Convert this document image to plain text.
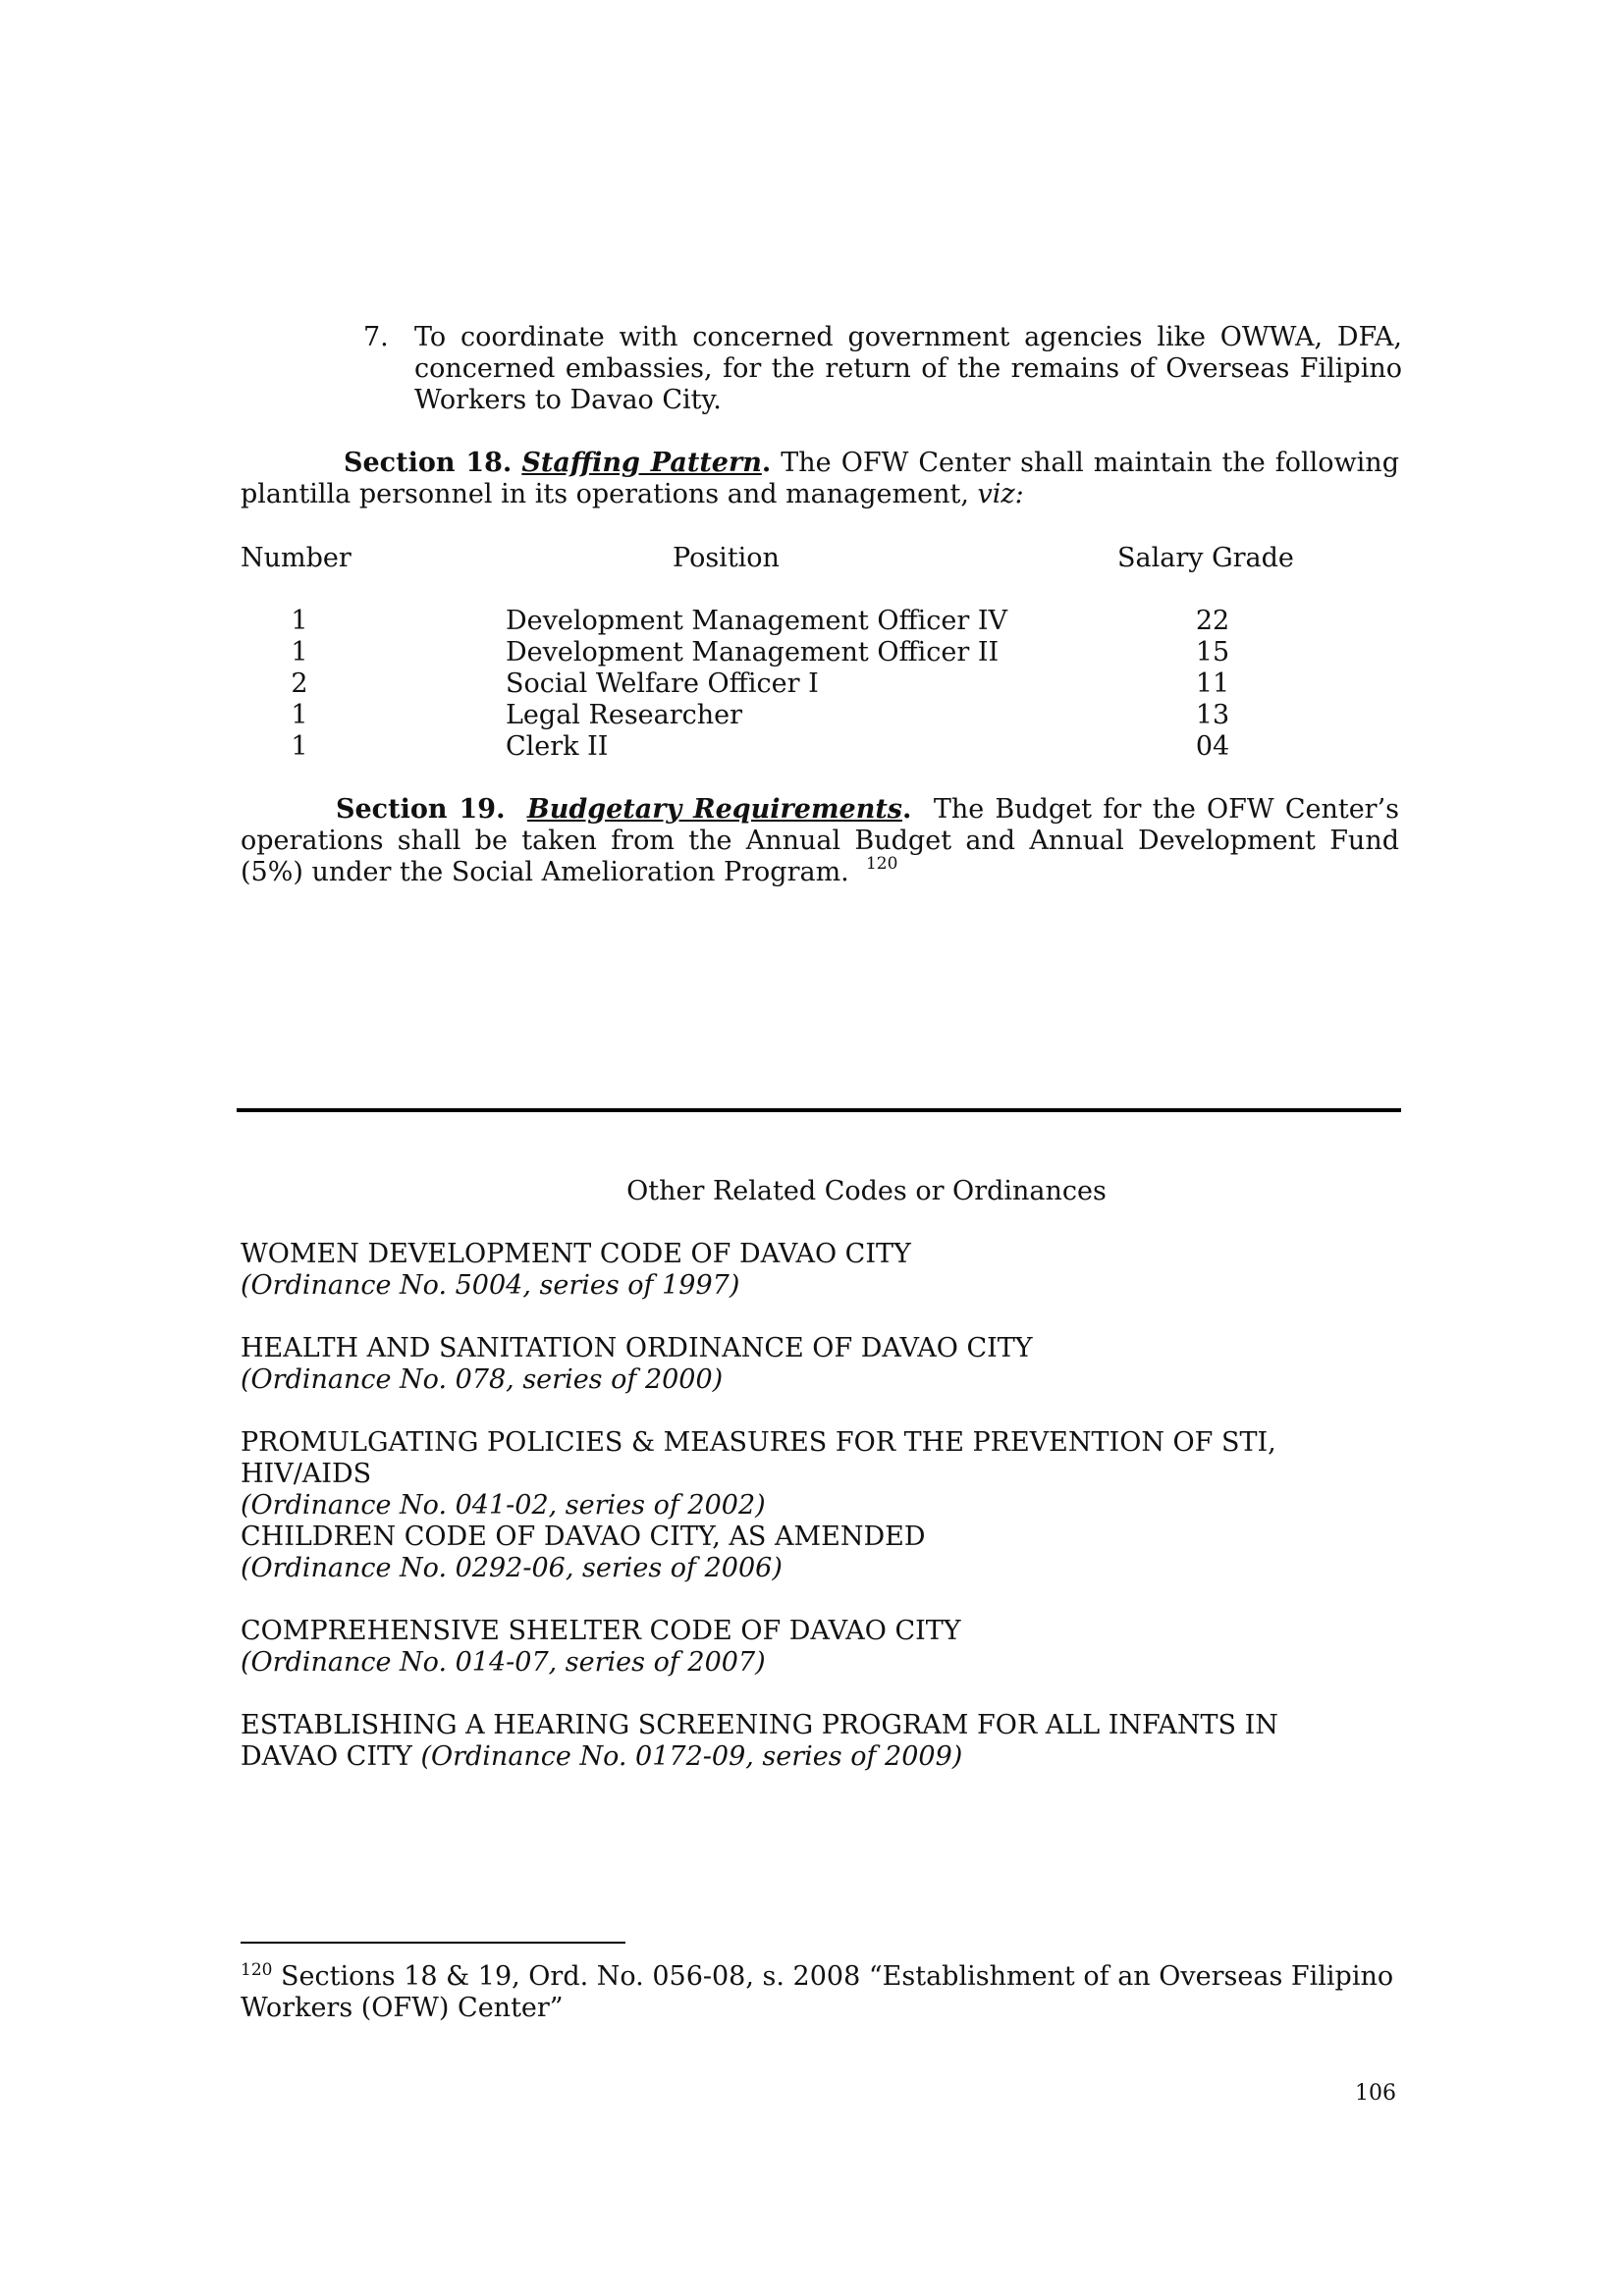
7. To coordinate with concerned government agencies like OWWA, DFA, concerned embassies, for the return of the remains of Overseas Filipino Workers to Davao City.

Section 18. Staffing Pattern. The OFW Center shall maintain the following plantilla personnel in its operations and management, viz:

Number	Position	Salary Grade
1	Development Management Officer IV	22
1	Development Management Officer II	15
2	Social Welfare Officer I	11
1	Legal Researcher	13
1	Clerk II	04

Section 19. Budgetary Requirements. The Budget for the OFW Center’s operations shall be taken from the Annual Budget and Annual Development Fund (5%) under the Social Amelioration Program. $^{120}$

Other Related Codes or Ordinances
WOMEN DEVELOPMENT CODE OF DAVAO CITY
(Ordinance No. 5004, series of 1997)
HEALTH AND SANITATION ORDINANCE OF DAVAO CITY
(Ordinance No. 078, series of 2000)
PROMULGATING POLICIES & MEASURES FOR THE PREVENTION OF STI, HIV/AIDS
(Ordinance No. 041-02, series of 2002)
CHILDREN CODE OF DAVAO CITY, AS AMENDED
(Ordinance No. 0292-06, series of 2006)
COMPREHENSIVE SHELTER CODE OF DAVAO CITY
(Ordinance No. 014-07, series of 2007)
ESTABLISHING A HEARING SCREENING PROGRAM FOR ALL INFANTS IN DAVAO CITY (Ordinance No. 0172-09, series of 2009)
$^{120}$ Sections 18 & 19, Ord. No. 056-08, s. 2008 “Establishment of an Overseas Filipino Workers (OFW) Center”
106
